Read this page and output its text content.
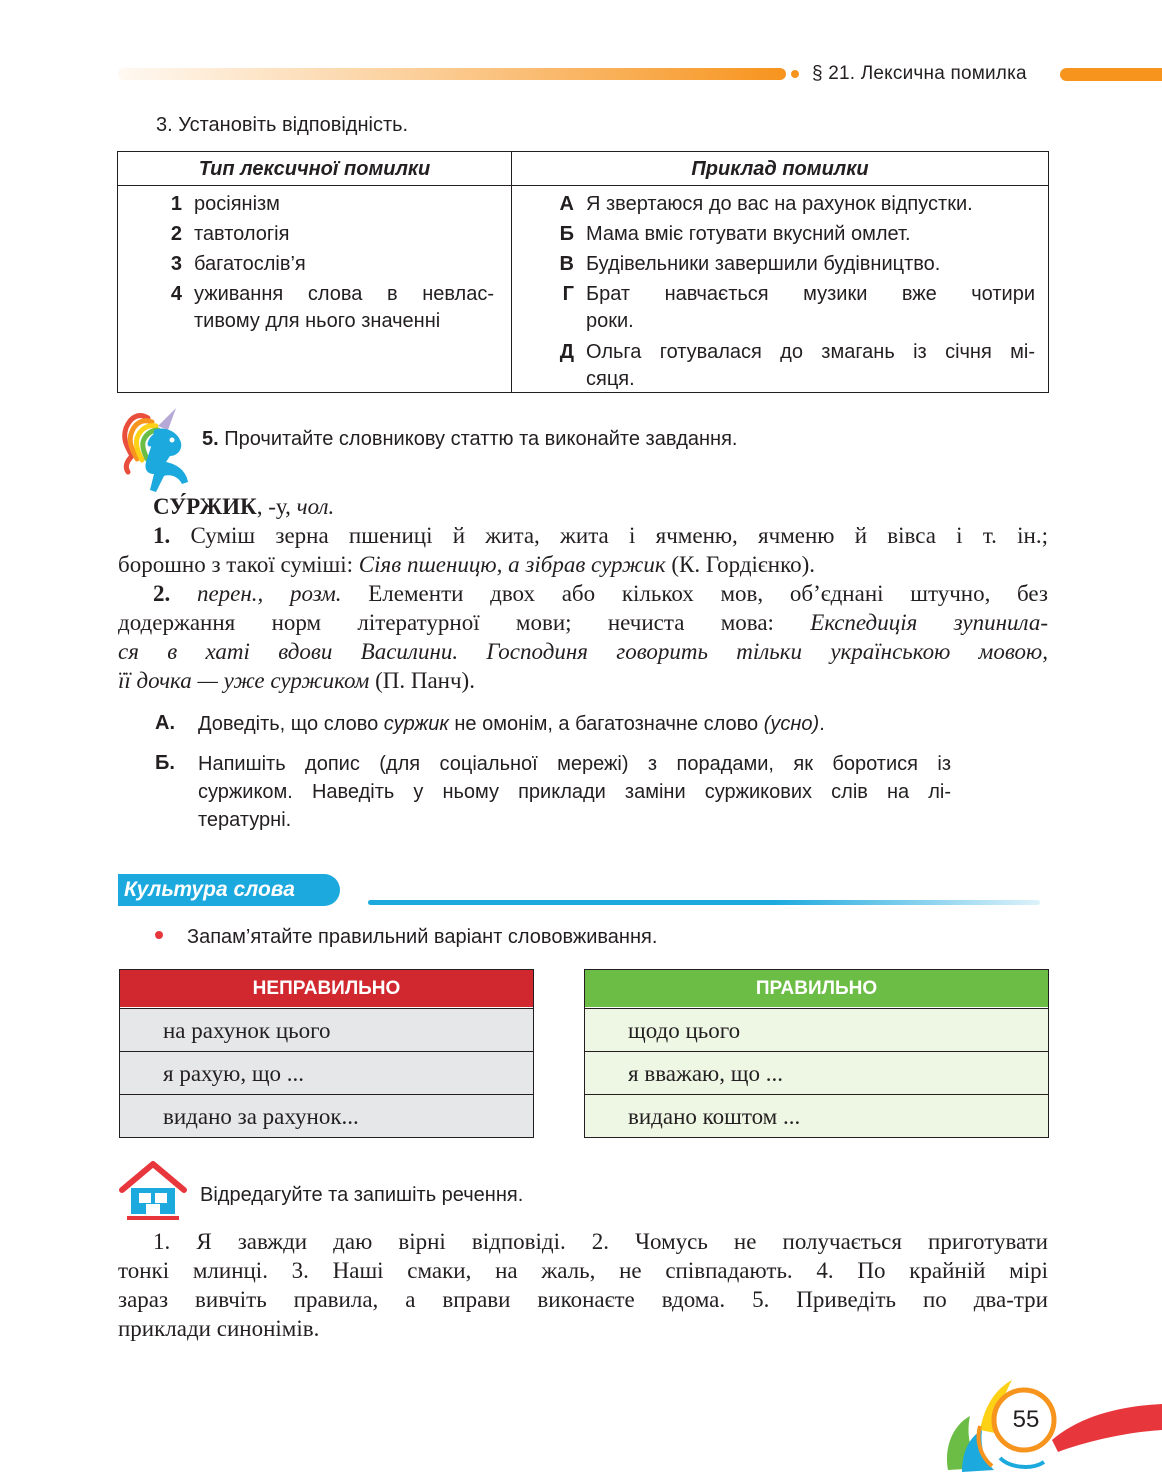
§ 21. Лексична помилка
3. Установіть відповідність.
Тип лексичної помилки	Приклад помилки
1 росіянізм
2 тавтологія
3 багатослів’я
4 уживання слова в невлас-
тивому для нього значенні
А Я звертаюся до вас на рахунок відпустки.
Б Мама вміє готувати вкусний омлет.
В Будівельники завершили будівництво.
Г Брат навчається музики вже чотири
роки.
Д Ольга готувалася до змагань із січня мі-
сяця.
5. Прочитайте словникову статтю та виконайте завдання.
СУ́РЖИК, -у, чол.
1. Суміш зерна пшениці й жита, жита і ячменю, ячменю й вівса і т. ін.;
борошно з такої суміші: Сіяв пшеницю, а зібрав суржик (К. Гордієнко).
2. перен., розм. Елементи двох або кількох мов, об’єднані штучно, без
додержання норм літературної мови; нечиста мова: Експедиція зупинила-
ся в хаті вдови Василини. Господиня говорить тільки українською мовою,
її дочка — уже суржиком (П. Панч).
А. Доведіть, що слово суржик не омонім, а багатозначне слово (усно).
Б. Напишіть допис (для соціальної мережі) з порадами, як боротися із
суржиком. Наведіть у ньому приклади заміни суржикових слів на лі-
тературні.
Культура слова
Запам’ятайте правильний варіант слововживання.
НЕПРАВИЛЬНО
на рахунок цього
я рахую, що ...
видано за рахунок...
ПРАВИЛЬНО
щодо цього
я вважаю, що ...
видано коштом ...
Відредагуйте та запишіть речення.
1. Я завжди даю вірні відповіді. 2. Чомусь не получається приготувати
тонкі млинці. 3. Наші смаки, на жаль, не співпадають. 4. По крайній мірі
зараз вивчіть правила, а вправи виконаєте вдома. 5. Приведіть по два-три
приклади синонімів.
55
